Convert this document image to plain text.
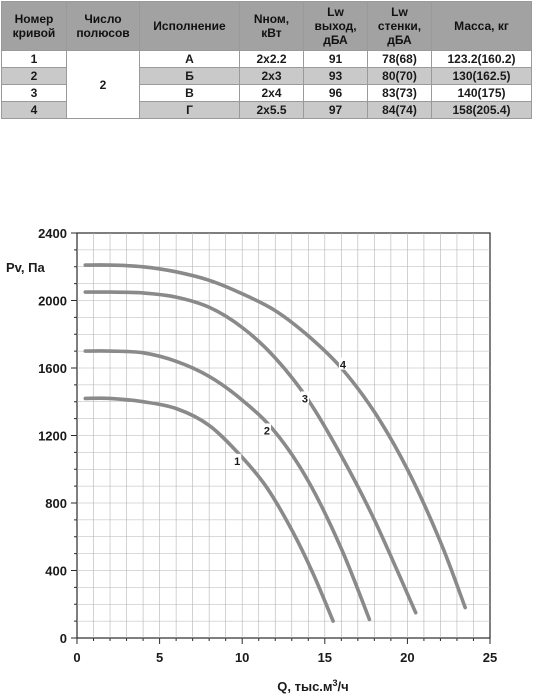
Номер
кривой	Число
полюсов	Исполнение	Nном,
кВт	Lw
выход,
дБА	Lw
стенки,
дБА	Масса, кг
1	2	А	2x2.2	91	78(68)	123.2(160.2)
2		Б	2x3	93	80(70)	130(162.5)
3		В	2x4	96	83(73)	140(175)
4		Г	2x5.5	97	84(74)	158(205.4)
1
2
3
4
0	5	10	15	20	25
0
400
800
1200
1600
2000
2400
Pv, Па
Q, $тыс.м^3/ч$
